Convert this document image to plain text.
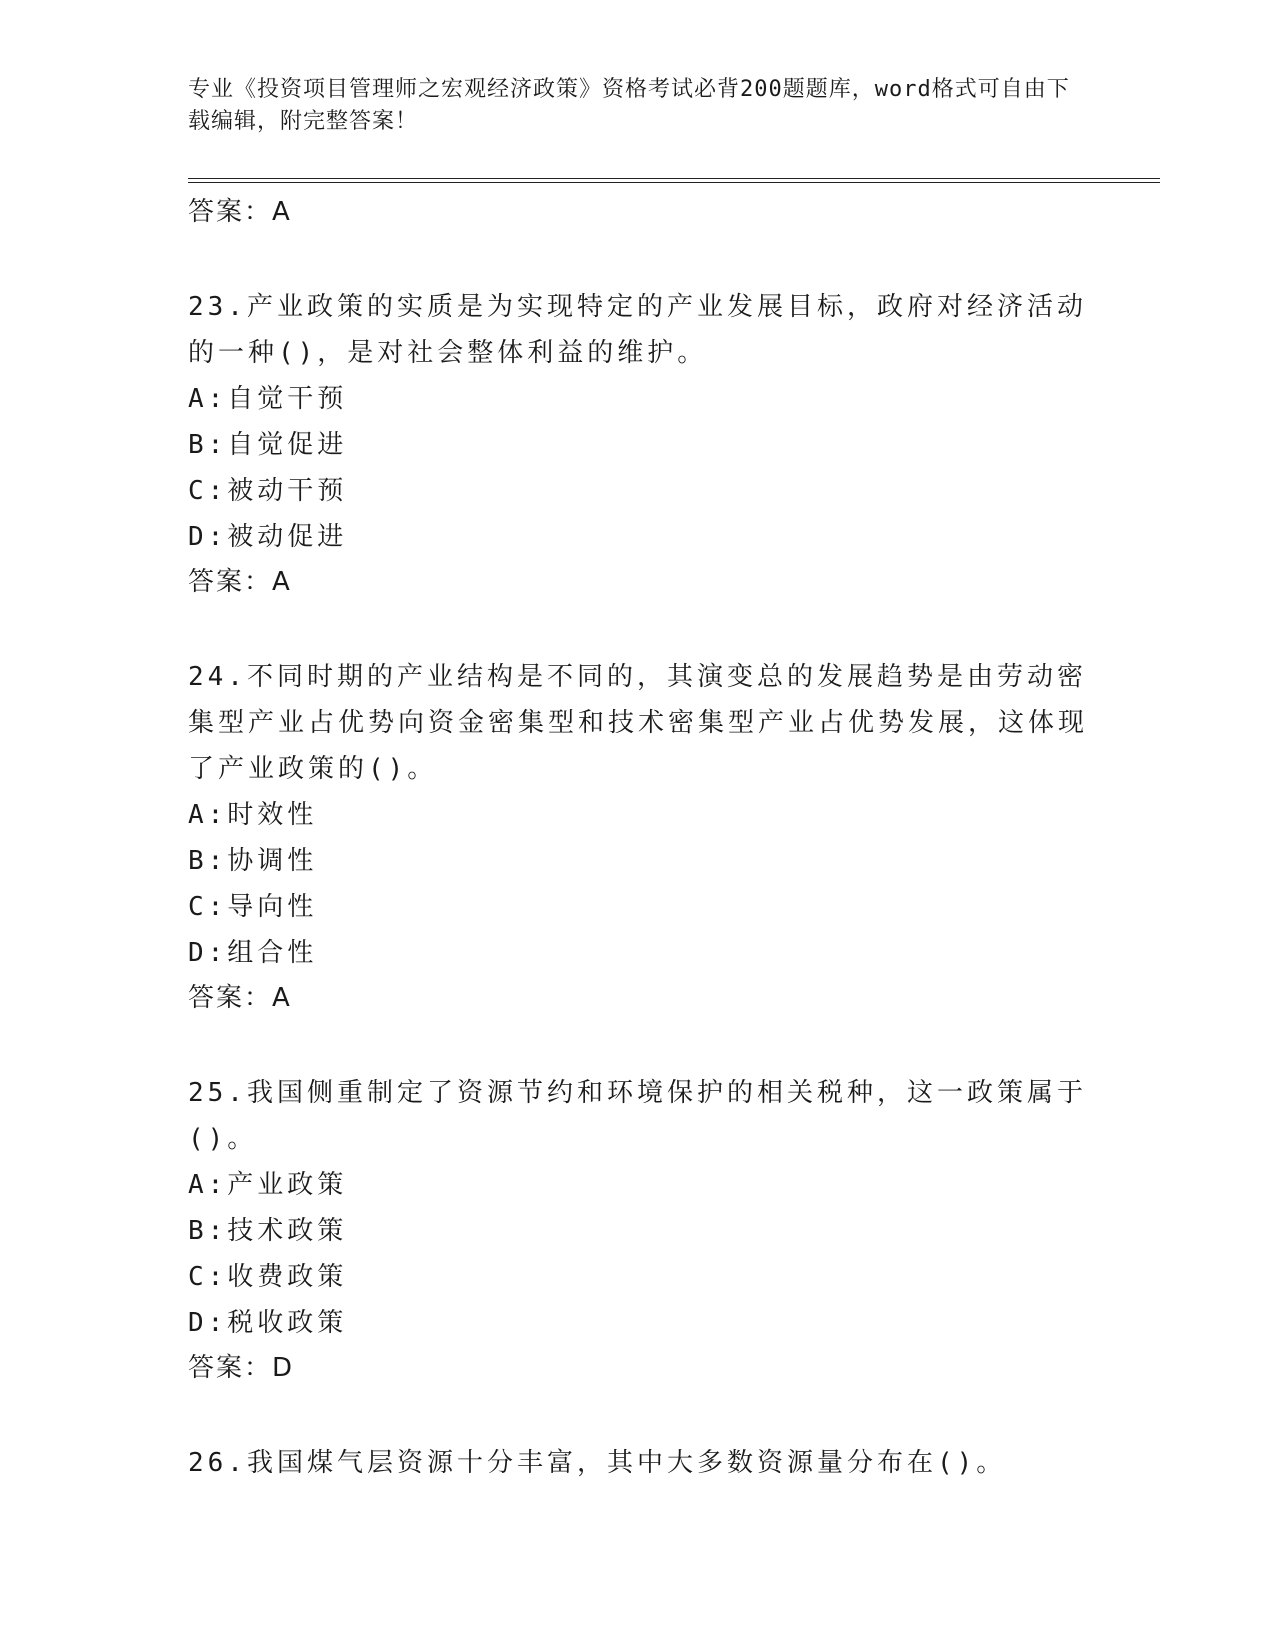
专业《投资项目管理师之宏观经济政策》资格考试必背200题题库，word格式可自由下载编辑，附完整答案！
答案：A
23.产业政策的实质是为实现特定的产业发展目标，政府对经济活动的一种()，是对社会整体利益的维护。
A:自觉干预
B:自觉促进
C:被动干预
D:被动促进
答案：A
24.不同时期的产业结构是不同的，其演变总的发展趋势是由劳动密集型产业占优势向资金密集型和技术密集型产业占优势发展，这体现了产业政策的()。
A:时效性
B:协调性
C:导向性
D:组合性
答案：A
25.我国侧重制定了资源节约和环境保护的相关税种，这一政策属于()。
A:产业政策
B:技术政策
C:收费政策
D:税收政策
答案：D
26.我国煤气层资源十分丰富，其中大多数资源量分布在()。
